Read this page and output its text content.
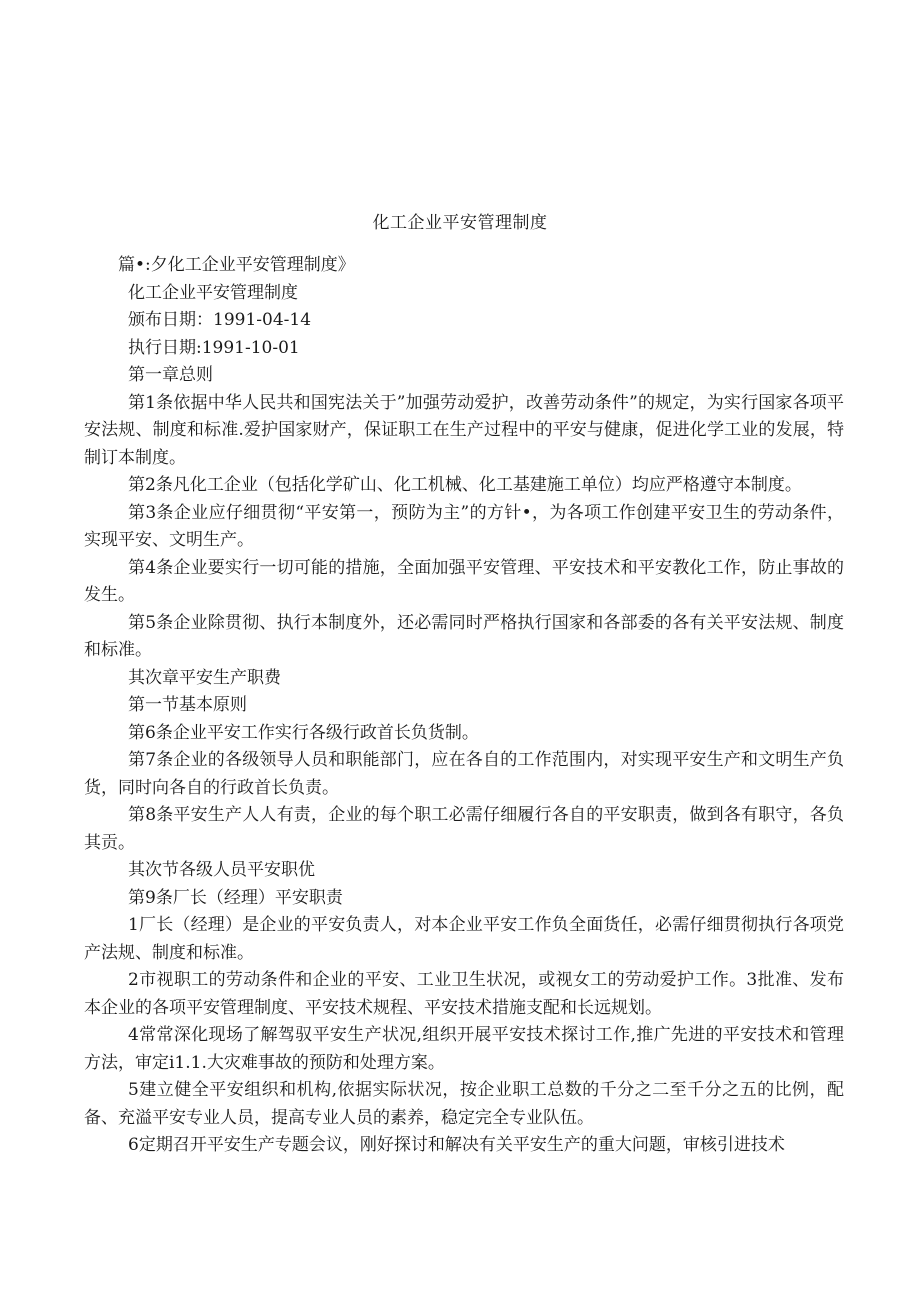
化工企业平安管理制度

篇•:夕化工企业平安管理制度》

化工企业平安管理制度

颁布日期：1991-04-14

执行日期:1991-10-01

第一章总则

第1条依据中华人民共和国宪法关于”加强劳动爱护，改善劳动条件”的规定，为实行国家各项平安法规、制度和标准.爱护国家财产，保证职工在生产过程中的平安与健康，促进化学工业的发展，特制订本制度。

第2条凡化工企业（包括化学矿山、化工机械、化工基建施工单位）均应严格遵守本制度。

第3条企业应仔细贯彻“平安第一，预防为主”的方针•，为各项工作创建平安卫生的劳动条件，实现平安、文明生产。

第4条企业要实行一切可能的措施，全面加强平安管理、平安技术和平安教化工作，防止事故的发生。

第5条企业除贯彻、执行本制度外，还必需同时严格执行国家和各部委的各有关平安法规、制度和标准。

其次章平安生产职费

第一节基本原则

第6条企业平安工作实行各级行政首长负货制。

第7条企业的各级领导人员和职能部门，应在各自的工作范围内，对实现平安生产和文明生产负货，同时向各自的行政首长负责。

第8条平安生产人人有责，企业的每个职工必需仔细履行各自的平安职责，做到各有职守，各负其贡。

其次节各级人员平安职优

第9条厂长（经理）平安职责

1厂长（经理）是企业的平安负责人，对本企业平安工作负全面货任，必需仔细贯彻执行各项党产法规、制度和标准。

2市视职工的劳动条件和企业的平安、工业卫生状况，或视女工的劳动爱护工作。3批准、发布本企业的各项平安管理制度、平安技术规程、平安技术措施支配和长远规划。

4常常深化现场了解驾驭平安生产状况,组织开展平安技术探讨工作,推广先进的平安技术和管理方法，审定i1.1.大灾难事故的预防和处理方案。

5建立健全平安组织和机构,依据实际状况，按企业职工总数的千分之二至千分之五的比例，配备、充溢平安专业人员，提高专业人员的素养，稳定完全专业队伍。

6定期召开平安生产专题会议，刚好探讨和解决有关平安生产的重大问题，审核引进技术
